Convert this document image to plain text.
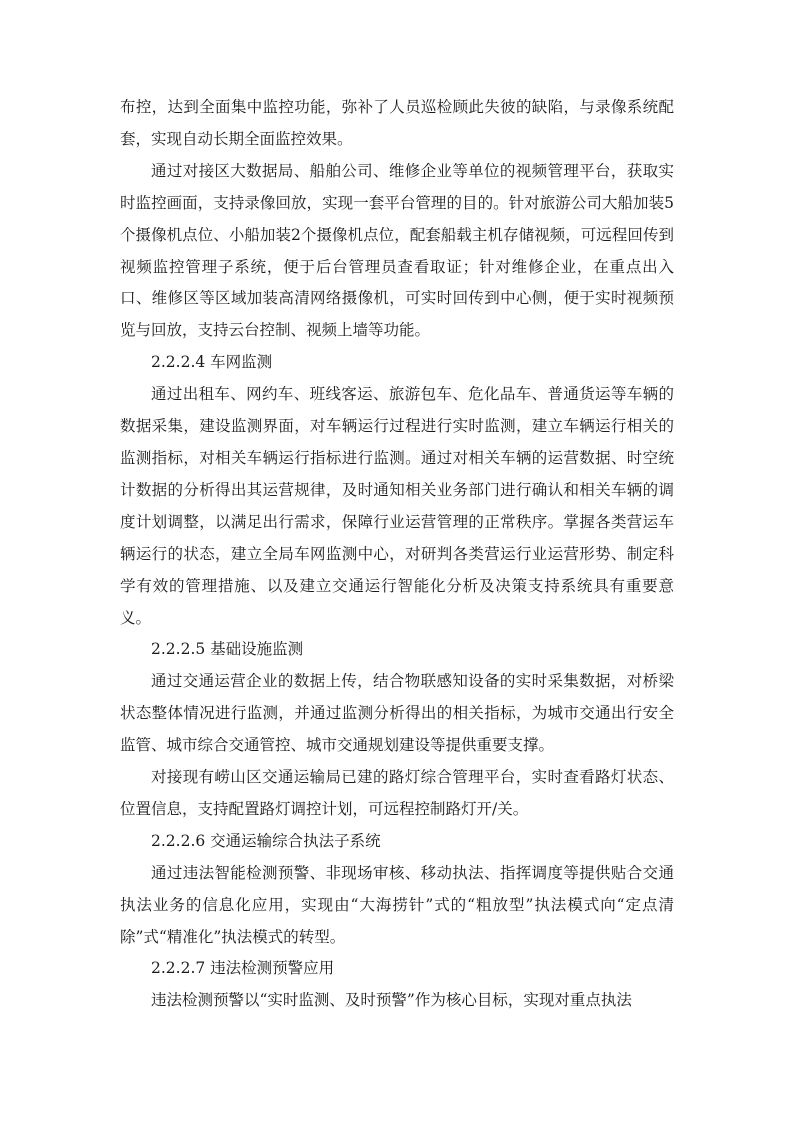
布控，达到全面集中监控功能，弥补了人员巡检顾此失彼的缺陷，与录像系统配套，实现自动长期全面监控效果。

通过对接区大数据局、船舶公司、维修企业等单位的视频管理平台，获取实时监控画面，支持录像回放，实现一套平台管理的目的。针对旅游公司大船加装5个摄像机点位、小船加装2个摄像机点位，配套船载主机存储视频，可远程回传到视频监控管理子系统，便于后台管理员查看取证；针对维修企业，在重点出入口、维修区等区域加装高清网络摄像机，可实时回传到中心侧，便于实时视频预览与回放，支持云台控制、视频上墙等功能。

2.2.2.4 车网监测

通过出租车、网约车、班线客运、旅游包车、危化品车、普通货运等车辆的数据采集，建设监测界面，对车辆运行过程进行实时监测，建立车辆运行相关的监测指标，对相关车辆运行指标进行监测。通过对相关车辆的运营数据、时空统计数据的分析得出其运营规律，及时通知相关业务部门进行确认和相关车辆的调度计划调整，以满足出行需求，保障行业运营管理的正常秩序。掌握各类营运车辆运行的状态，建立全局车网监测中心，对研判各类营运行业运营形势、制定科学有效的管理措施、以及建立交通运行智能化分析及决策支持系统具有重要意义。

2.2.2.5 基础设施监测

通过交通运营企业的数据上传，结合物联感知设备的实时采集数据，对桥梁状态整体情况进行监测，并通过监测分析得出的相关指标，为城市交通出行安全监管、城市综合交通管控、城市交通规划建设等提供重要支撑。

对接现有崂山区交通运输局已建的路灯综合管理平台，实时查看路灯状态、位置信息，支持配置路灯调控计划，可远程控制路灯开/关。

2.2.2.6 交通运输综合执法子系统

通过违法智能检测预警、非现场审核、移动执法、指挥调度等提供贴合交通执法业务的信息化应用，实现由“大海捞针”式的“粗放型”执法模式向“定点清除”式“精准化”执法模式的转型。

2.2.2.7 违法检测预警应用

违法检测预警以“实时监测、及时预警”作为核心目标，实现对重点执法
